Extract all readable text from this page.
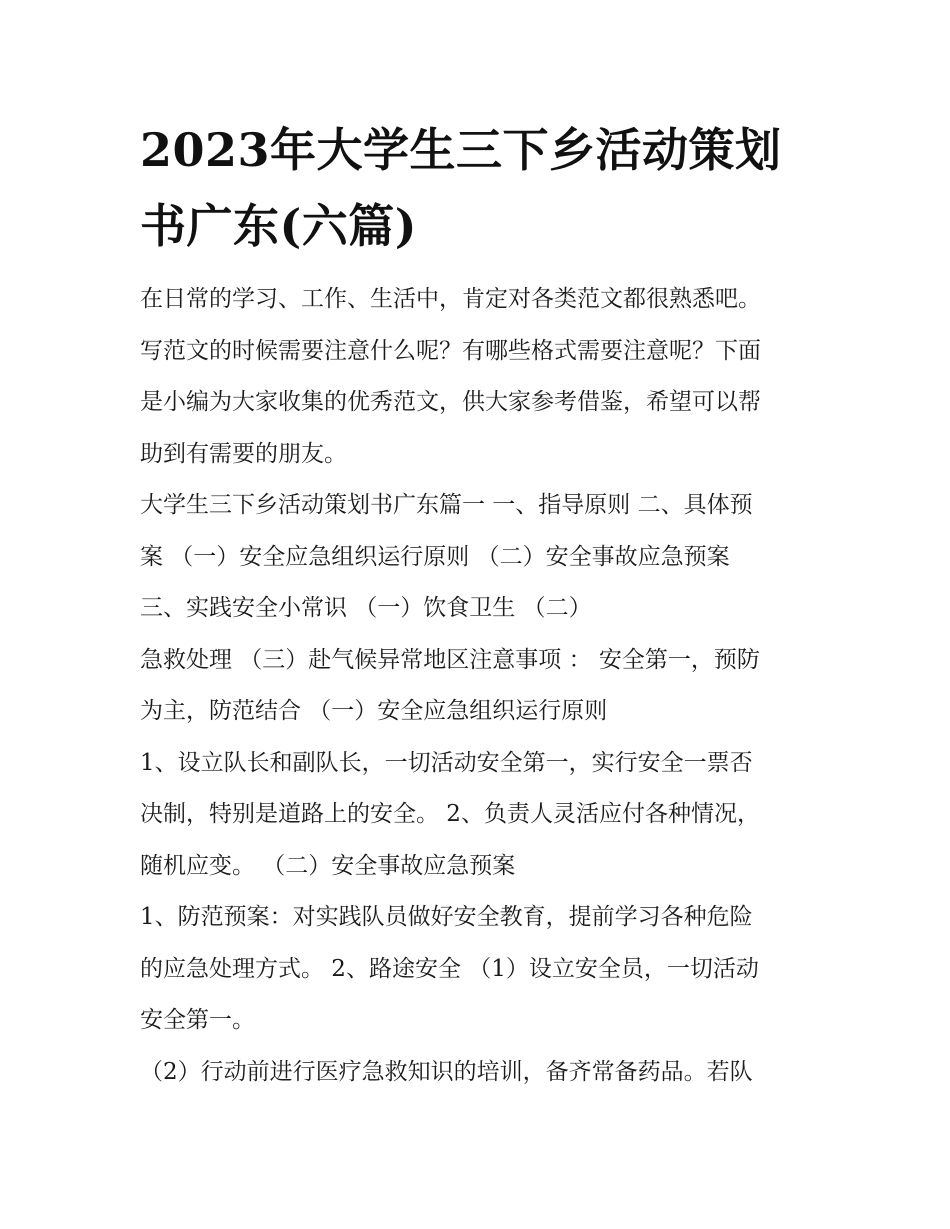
2023年大学生三下乡活动策划
书广东(六篇)

在日常的学习、工作、生活中，肯定对各类范文都很熟悉吧。
写范文的时候需要注意什么呢？有哪些格式需要注意呢？下面
是小编为大家收集的优秀范文，供大家参考借鉴，希望可以帮
助到有需要的朋友。

大学生三下乡活动策划书广东篇一 一、指导原则 二、具体预
案 （一）安全应急组织运行原则 （二）安全事故应急预案
三、实践安全小常识 （一）饮食卫生 （二）

急救处理 （三）赴气候异常地区注意事项 ： 安全第一，预防
为主，防范结合 （一）安全应急组织运行原则

1、设立队长和副队长，一切活动安全第一，实行安全一票否
决制，特别是道路上的安全。 2、负责人灵活应付各种情况，
随机应变。 （二）安全事故应急预案

1、防范预案：对实践队员做好安全教育，提前学习各种危险
的应急处理方式。 2、路途安全 （1）设立安全员，一切活动
安全第一。

（2）行动前进行医疗急救知识的培训，备齐常备药品。若队
